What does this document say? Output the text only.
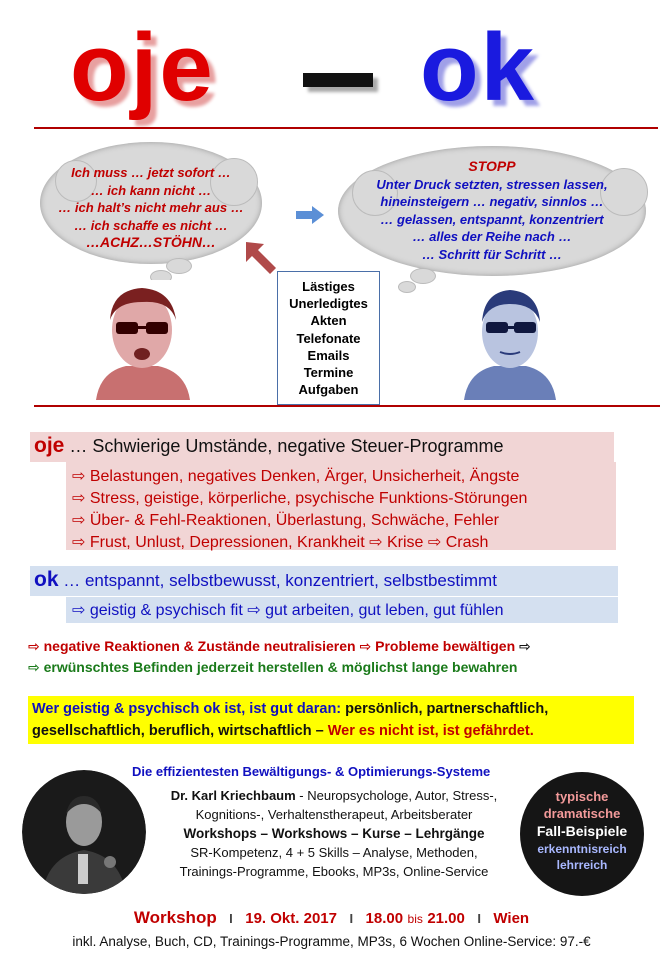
oje ok
Ich muss … jetzt sofort …
… ich kann nicht …
… ich halt’s nicht mehr aus …
… ich schaffe es nicht …
…ACHZ…STÖHN…
STOPP
Unter Druck setzten, stressen lassen,
hineinsteigern … negativ, sinnlos …
… gelassen, entspannt, konzentriert
… alles der Reihe nach …
… Schritt für Schritt …
Lästiges
Unerledigtes
Akten
Telefonate
Emails
Termine
Aufgaben
oje … Schwierige Umstände, negative Steuer-Programme
⇨ Belastungen, negatives Denken, Ärger, Unsicherheit, Ängste
⇨ Stress, geistige, körperliche, psychische Funktions-Störungen
⇨ Über- & Fehl-Reaktionen, Überlastung, Schwäche, Fehler
⇨ Frust, Unlust, Depressionen, Krankheit ⇨ Krise ⇨ Crash
ok … entspannt, selbstbewusst, konzentriert, selbstbestimmt
⇨ geistig & psychisch fit ⇨ gut arbeiten, gut leben, gut fühlen
⇨ negative Reaktionen & Zustände neutralisieren ⇨ Probleme bewältigen ⇨
⇨ erwünschtes Befinden jederzeit herstellen & möglichst lange bewahren
Wer geistig & psychisch ok ist, ist gut daran: persönlich, partnerschaftlich,
gesellschaftlich, beruflich, wirtschaftlich – Wer es nicht ist, ist gefährdet.
Die effizientesten Bewältigungs- & Optimierungs-Systeme
Dr. Karl Kriechbaum - Neuropsychologe, Autor, Stress-,
Kognitions-, Verhaltenstherapeut, Arbeitsberater
Workshops – Workshows – Kurse – Lehrgänge
SR-Kompetenz, 4 + 5 Skills – Analyse, Methoden,
Trainings-Programme, Ebooks, MP3s, Online-Service
typische
dramatische
Fall-Beispiele
erkenntnisreich
lehrreich
Workshop I 19. Okt. 2017 I 18.00 bis 21.00 I Wien
inkl. Analyse, Buch, CD, Trainings-Programme, MP3s, 6 Wochen Online-Service: 97.-€
